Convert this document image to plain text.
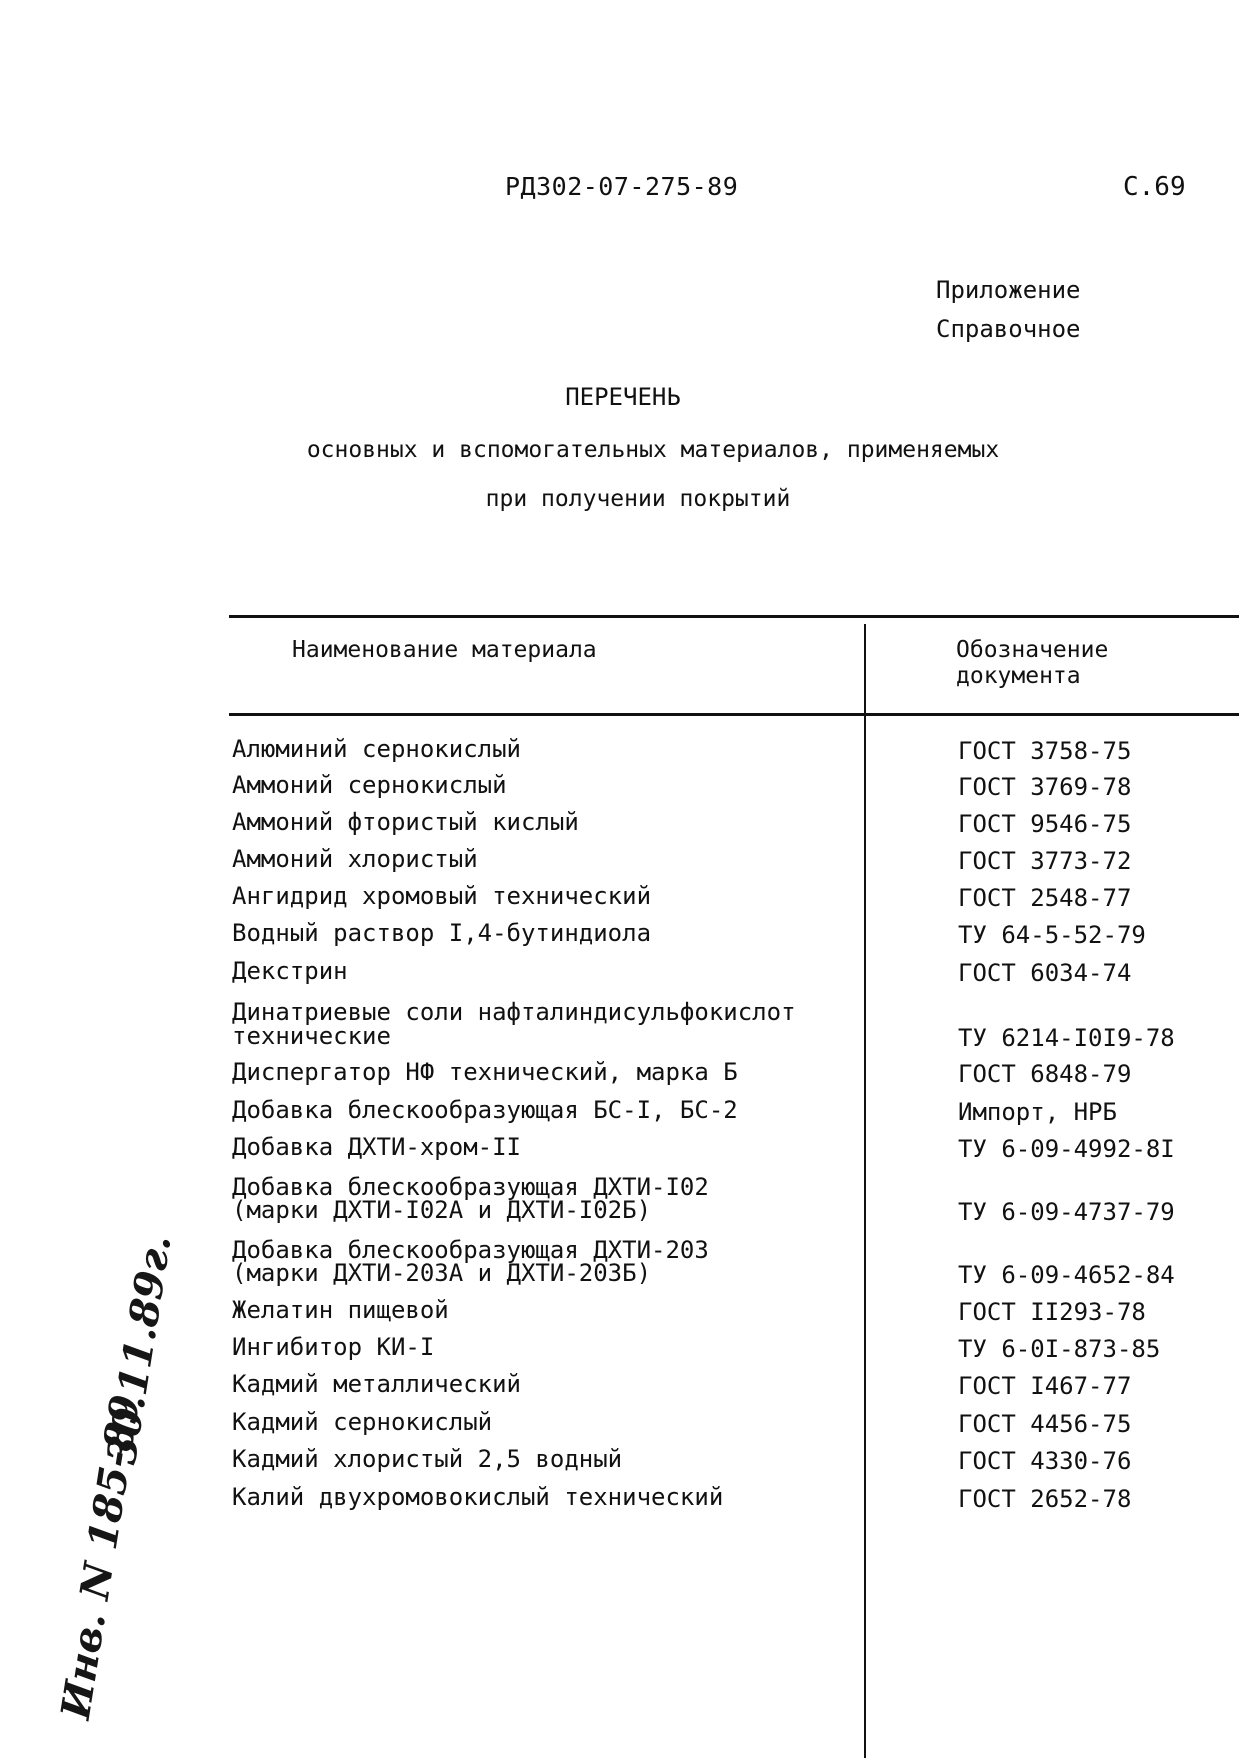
РД302-07-275-89	С.69
Приложение
Справочное
ПЕРЕЧЕНЬ
основных и вспомогательных материалов, применяемых
при получении покрытий
Наименование материала	Обозначение
документа
Алюминий сернокислый	ГОСТ 3758-75
Аммоний сернокислый	ГОСТ 3769-78
Аммоний фтористый кислый	ГОСТ 9546-75
Аммоний хлористый	ГОСТ 3773-72
Ангидрид хромовый технический	ГОСТ 2548-77
Водный раствор I,4-бутиндиола	ТУ 64-5-52-79
Декстрин	ГОСТ 6034-74
Динатриевые соли нафталиндисульфокислот
технические	ТУ 6214-I0I9-78
Диспергатор НФ технический, марка Б	ГОСТ 6848-79
Добавка блескообразующая БС-I, БС-2	Импорт, НРБ
Добавка ДХТИ-хром-II	ТУ 6-09-4992-8I
Добавка блескообразующая ДХТИ-I02
(марки ДХТИ-I02А и ДХТИ-I02Б)	ТУ 6-09-4737-79
Добавка блескообразующая ДХТИ-203
(марки ДХТИ-203А и ДХТИ-203Б)	ТУ 6-09-4652-84
Желатин пищевой	ГОСТ II293-78
Ингибитор КИ-I	ТУ 6-0I-873-85
Кадмий металлический	ГОСТ I467-77
Кадмий сернокислый	ГОСТ 4456-75
Кадмий хлористый 2,5 водный	ГОСТ 4330-76
Калий двухромовокислый технический	ГОСТ 2652-78
Инв. N 185-89
30.11.89г.
